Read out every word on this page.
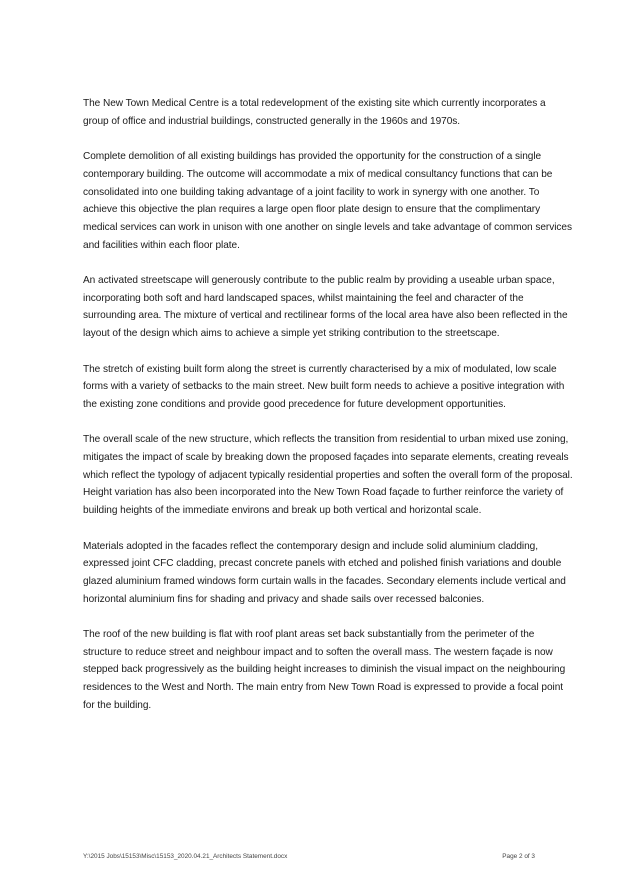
The New Town Medical Centre is a total redevelopment of the existing site which currently incorporates a group of office and industrial buildings, constructed generally in the 1960s and 1970s.

Complete demolition of all existing buildings has provided the opportunity for the construction of a single contemporary building. The outcome will accommodate a mix of medical consultancy functions that can be consolidated into one building taking advantage of a joint facility to work in synergy with one another. To achieve this objective the plan requires a large open floor plate design to ensure that the complimentary medical services can work in unison with one another on single levels and take advantage of common services and facilities within each floor plate.

An activated streetscape will generously contribute to the public realm by providing a useable urban space, incorporating both soft and hard landscaped spaces, whilst maintaining the feel and character of the surrounding area. The mixture of vertical and rectilinear forms of the local area have also been reflected in the layout of the design which aims to achieve a simple yet striking contribution to the streetscape.

The stretch of existing built form along the street is currently characterised by a mix of modulated, low scale forms with a variety of setbacks to the main street. New built form needs to achieve a positive integration with the existing zone conditions and provide good precedence for future development opportunities.

The overall scale of the new structure, which reflects the transition from residential to urban mixed use zoning, mitigates the impact of scale by breaking down the proposed façades into separate elements, creating reveals which reflect the typology of adjacent typically residential properties and soften the overall form of the proposal. Height variation has also been incorporated into the New Town Road façade to further reinforce the variety of building heights of the immediate environs and break up both vertical and horizontal scale.

Materials adopted in the facades reflect the contemporary design and include solid aluminium cladding, expressed joint CFC cladding, precast concrete panels with etched and polished finish variations and double glazed aluminium framed windows form curtain walls in the facades. Secondary elements include vertical and horizontal aluminium fins for shading and privacy and shade sails over recessed balconies.

The roof of the new building is flat with roof plant areas set back substantially from the perimeter of the structure to reduce street and neighbour impact and to soften the overall mass. The western façade is now stepped back progressively as the building height increases to diminish the visual impact on the neighbouring residences to the West and North. The main entry from New Town Road is expressed to provide a focal point for the building.

Y:\2015 Jobs\15153\Misc\15153_2020.04.21_Architects Statement.docx	Page 2 of 3
